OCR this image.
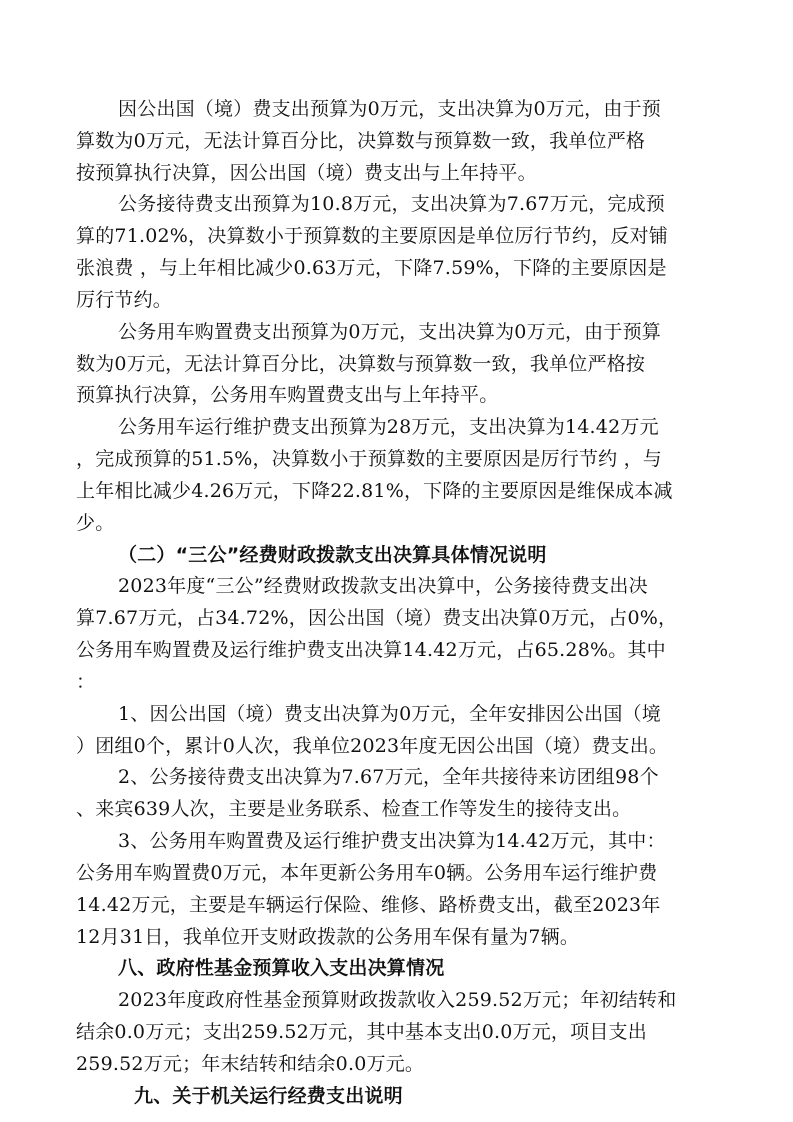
因公出国（境）费支出预算为0万元，支出决算为0万元，由于预
算数为0万元，无法计算百分比，决算数与预算数一致，我单位严格
按预算执行决算，因公出国（境）费支出与上年持平。
公务接待费支出预算为10.8万元，支出决算为7.67万元，完成预
算的71.02%，决算数小于预算数的主要原因是单位厉行节约，反对铺
张浪费 ，与上年相比减少0.63万元，下降7.59%，下降的主要原因是
厉行节约。
公务用车购置费支出预算为0万元，支出决算为0万元，由于预算
数为0万元，无法计算百分比，决算数与预算数一致，我单位严格按
预算执行决算，公务用车购置费支出与上年持平。
公务用车运行维护费支出预算为28万元，支出决算为14.42万元
，完成预算的51.5%，决算数小于预算数的主要原因是厉行节约 ，与
上年相比减少4.26万元，下降22.81%，下降的主要原因是维保成本减
少。
（二）“三公”经费财政拨款支出决算具体情况说明
2023年度“三公”经费财政拨款支出决算中，公务接待费支出决
算7.67万元，占34.72%，因公出国（境）费支出决算0万元，占0%，
公务用车购置费及运行维护费支出决算14.42万元，占65.28%。其中
：
1、因公出国（境）费支出决算为0万元，全年安排因公出国（境
）团组0个，累计0人次，我单位2023年度无因公出国（境）费支出。
2、公务接待费支出决算为7.67万元，全年共接待来访团组98个
、来宾639人次，主要是业务联系、检查工作等发生的接待支出。
3、公务用车购置费及运行维护费支出决算为14.42万元，其中：
公务用车购置费0万元，本年更新公务用车0辆。公务用车运行维护费
14.42万元，主要是车辆运行保险、维修、路桥费支出，截至2023年
12月31日，我单位开支财政拨款的公务用车保有量为7辆。
八、政府性基金预算收入支出决算情况
2023年度政府性基金预算财政拨款收入259.52万元；年初结转和
结余0.0万元；支出259.52万元，其中基本支出0.0万元，项目支出
259.52万元；年末结转和结余0.0万元。
九、关于机关运行经费支出说明
